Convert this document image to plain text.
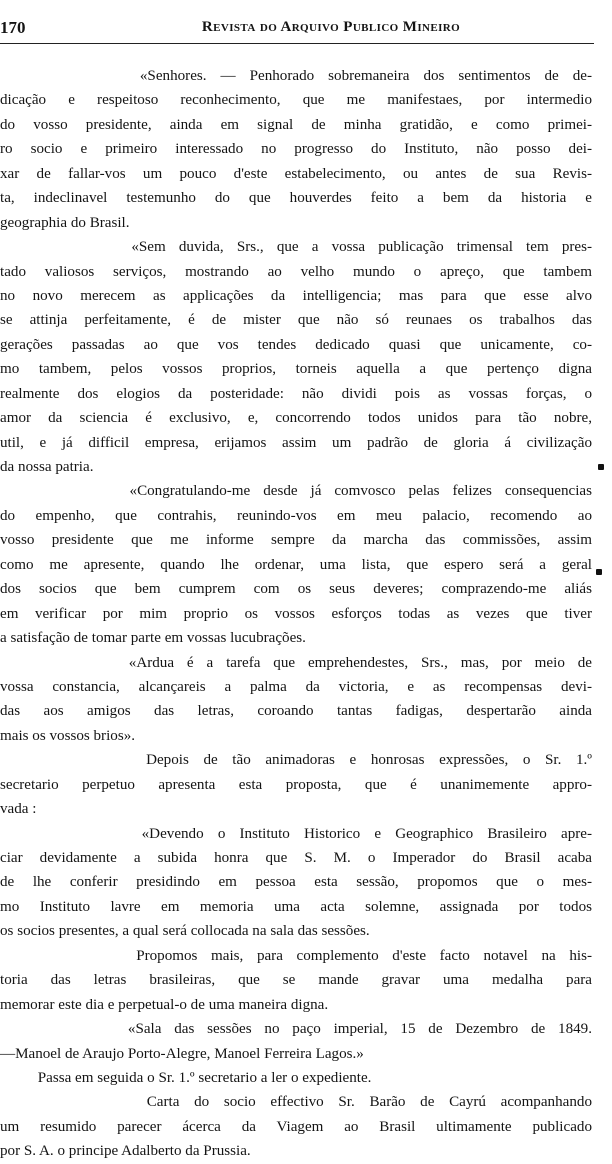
170	Revista do Arquivo Publico Mineiro
«Senhores. — Penhorado sobremaneira dos sentimentos de de-
dicação e respeitoso reconhecimento, que me manifestaes, por intermedio
do vosso presidente, ainda em signal de minha gratidão, e como primei-
ro socio e primeiro interessado no progresso do Instituto, não posso dei-
xar de fallar-vos um pouco d'este estabelecimento, ou antes de sua Revis-
ta, indeclinavel testemunho do que houverdes feito a bem da historia e
geographia do Brasil.
«Sem duvida, Srs., que a vossa publicação trimensal tem pres-
tado valiosos serviços, mostrando ao velho mundo o apreço, que tambem
no novo merecem as applicações da intelligencia; mas para que esse alvo
se attinja perfeitamente, é de mister que não só reunaes os trabalhos das
gerações passadas ao que vos tendes dedicado quasi que unicamente, co-
mo tambem, pelos vossos proprios, torneis aquella a que pertenço digna
realmente dos elogios da posteridade: não dividi pois as vossas forças, o
amor da sciencia é exclusivo, e, concorrendo todos unidos para tão nobre,
util, e já difficil empresa, erijamos assim um padrão de gloria á civilização
da nossa patria.
«Congratulando-me desde já comvosco pelas felizes consequencias
do empenho, que contrahis, reunindo-vos em meu palacio, recomendo ao
vosso presidente que me informe sempre da marcha das commissões, assim
como me apresente, quando lhe ordenar, uma lista, que espero será a geral
dos socios que bem cumprem com os seus deveres; comprazendo-me aliás
em verificar por mim proprio os vossos esforços todas as vezes que tiver
a satisfação de tomar parte em vossas lucubrações.
«Ardua é a tarefa que emprehendestes, Srs., mas, por meio de
vossa constancia, alcançareis a palma da victoria, e as recompensas devi-
das aos amigos das letras, coroando tantas fadigas, despertarão ainda
mais os vossos brios».
Depois de tão animadoras e honrosas expressões, o Sr. 1.º
secretario perpetuo apresenta esta proposta, que é unanimemente appro-
vada :
«Devendo o Instituto Historico e Geographico Brasileiro apre-
ciar devidamente a subida honra que S. M. o Imperador do Brasil acaba
de lhe conferir presidindo em pessoa esta sessão, propomos que o mes-
mo Instituto lavre em memoria uma acta solemne, assignada por todos
os socios presentes, a qual será collocada na sala das sessões.
Propomos mais, para complemento d'este facto notavel na his-
toria das letras brasileiras, que se mande gravar uma medalha para
memorar este dia e perpetual-o de uma maneira digna.
«Sala das sessões no paço imperial, 15 de Dezembro de 1849.
—Manoel de Araujo Porto-Alegre, Manoel Ferreira Lagos.»
Passa em seguida o Sr. 1.º secretario a ler o expediente.
Carta do socio effectivo Sr. Barão de Cayrú acompanhando
um resumido parecer ácerca da Viagem ao Brasil ultimamente publicado
por S. A. o principe Adalberto da Prussia.
